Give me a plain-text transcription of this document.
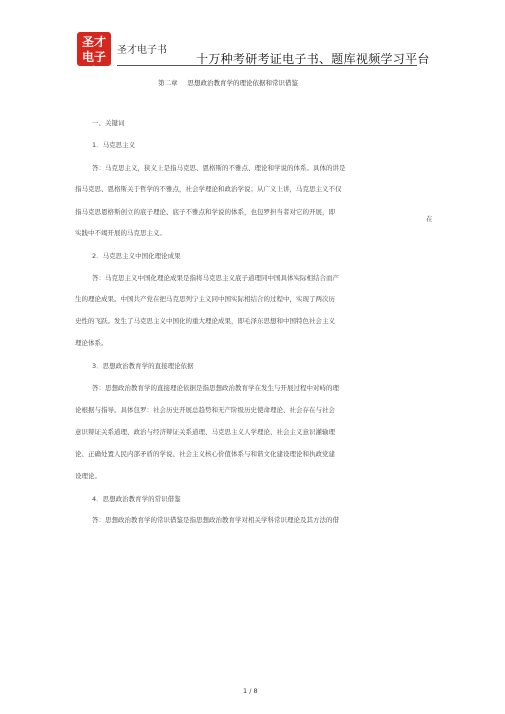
圣才
电子书
圣才电子书
十万种考研考证电子书、题库视频学习平台
第二章 思想政治教育学的理论依据和常识借鉴
一、关键词
1．马克思主义
答：马克思主义，狭义上是指马克思、恩格斯的不雅点、理论和学说的体系。具体的讲是
指马克思、恩格斯关于哲学的不雅点，社会学理论和政治学说；从广义上讲，马克思主义不仅
指马克思恩格斯创立的底子理论、底子不雅点和学说的体系，也包罗担当者对它的开展，即
在
实践中不竭开展的马克思主义。
2．马克思主义中国化理论成果
答：马克思主义中国化理论成果是指将马克思主义底子道理同中国具体实际相结合而产
生的理论成果。中国共产党在把马克思列宁主义同中国实际相结合的过程中，实现了两次历
史性的飞跃。发生了马克思主义中国化的重大理论成果，即毛泽东思想和中国特色社会主义
理论体系。
3．思想政治教育学的直接理论依据
答：思想政治教育学的直接理论依据是指思想政治教育学在发生与开展过程中对峙的理
论根据与指导。具体包罗：社会历史开展总趋势和无产阶级历史使命理论、社会存在与社会
意识辩证关系道理、政治与经济辩证关系道理、马克思主义人学理论、社会主义意识灌输理
论、正确处置人民内部矛盾的学说、社会主义核心价值体系与和谐文化建设理论和执政党建
设理论。
4．思想政治教育学的常识借鉴
答：思想政治教育学的常识借鉴是指思想政治教育学对相关学科常识理论及其方法的借
1 / 8
